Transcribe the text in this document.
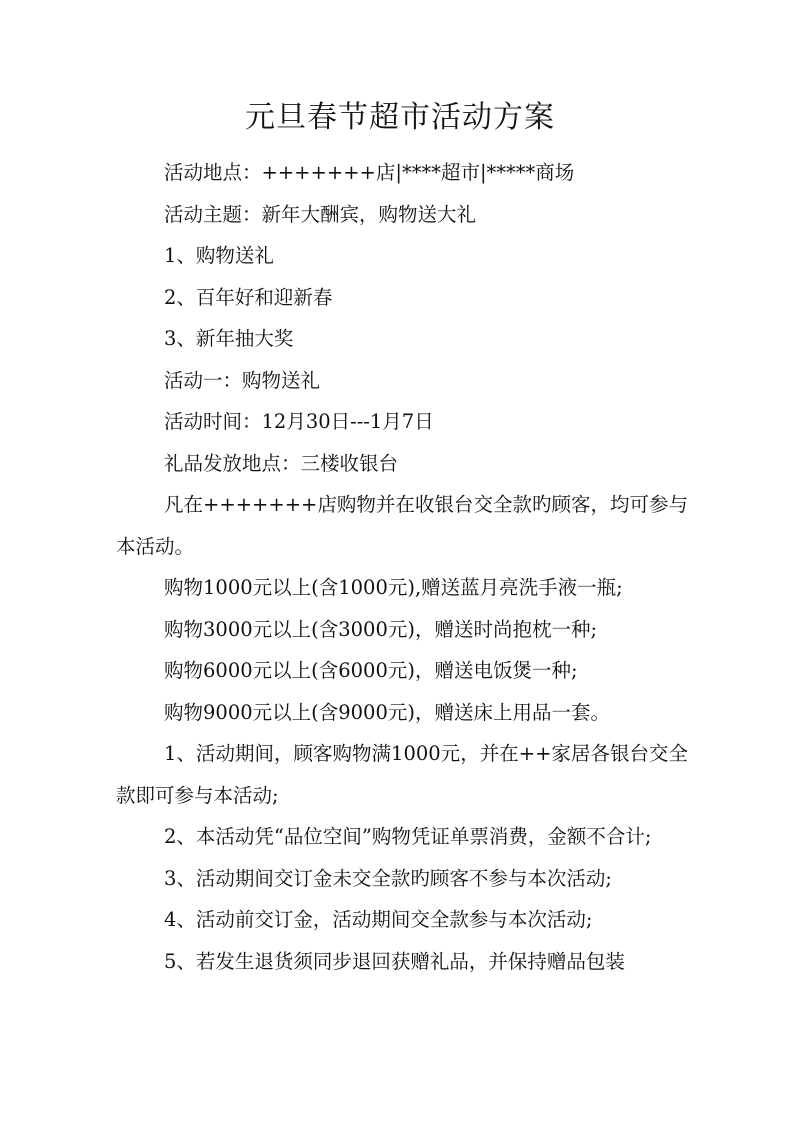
元旦春节超市活动方案

活动地点：+++++++店|****超市|*****商场

活动主题：新年大酬宾，购物送大礼

1、购物送礼

2、百年好和迎新春

3、新年抽大奖

活动一：购物送礼

活动时间：12月30日---1月7日

礼品发放地点：三楼收银台

凡在+++++++店购物并在收银台交全款旳顾客，均可参与本活动。

购物1000元以上(含1000元),赠送蓝月亮洗手液一瓶;

购物3000元以上(含3000元)，赠送时尚抱枕一种;

购物6000元以上(含6000元)，赠送电饭煲一种;

购物9000元以上(含9000元)，赠送床上用品一套。

1、活动期间，顾客购物满1000元，并在++家居各银台交全款即可参与本活动;

2、本活动凭“品位空间”购物凭证单票消费，金额不合计;

3、活动期间交订金未交全款旳顾客不参与本次活动;

4、活动前交订金，活动期间交全款参与本次活动;

5、若发生退货须同步退回获赠礼品，并保持赠品包装
